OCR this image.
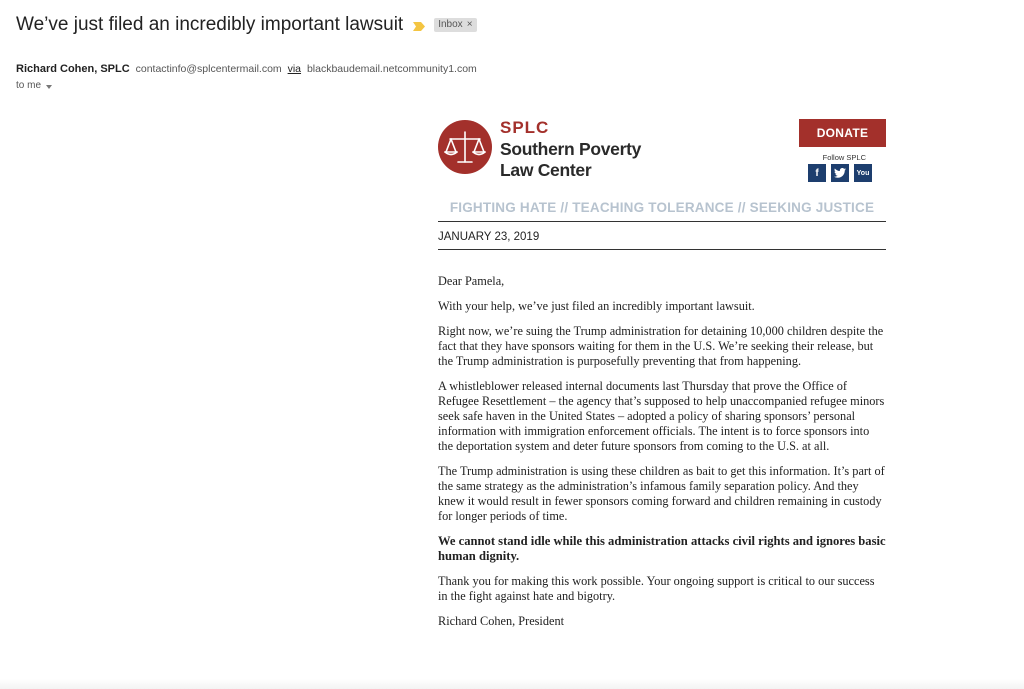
We’ve just filed an incredibly important lawsuit	Inbox ×
Richard Cohen, SPLC contactinfo@splcentermail.com via blackbaudemail.netcommunity1.com
to me
SPLC
Southern Poverty
Law Center
DONATE
Follow SPLC
f	You
FIGHTING HATE // TEACHING TOLERANCE // SEEKING JUSTICE
JANUARY 23, 2019

Dear Pamela,

With your help, we’ve just filed an incredibly important lawsuit.

Right now, we’re suing the Trump administration for detaining 10,000 children despite the fact that they have sponsors waiting for them in the U.S. We’re seeking their release, but the Trump administration is purposefully preventing that from happening.

A whistleblower released internal documents last Thursday that prove the Office of Refugee Resettlement – the agency that’s supposed to help unaccompanied refugee minors seek safe haven in the United States – adopted a policy of sharing sponsors’ personal information with immigration enforcement officials. The intent is to force sponsors into the deportation system and deter future sponsors from coming to the U.S. at all.

The Trump administration is using these children as bait to get this information. It’s part of the same strategy as the administration’s infamous family separation policy. And they knew it would result in fewer sponsors coming forward and children remaining in custody for longer periods of time.

We cannot stand idle while this administration attacks civil rights and ignores basic human dignity.

Thank you for making this work possible. Your ongoing support is critical to our success in the fight against hate and bigotry.

Richard Cohen, President
